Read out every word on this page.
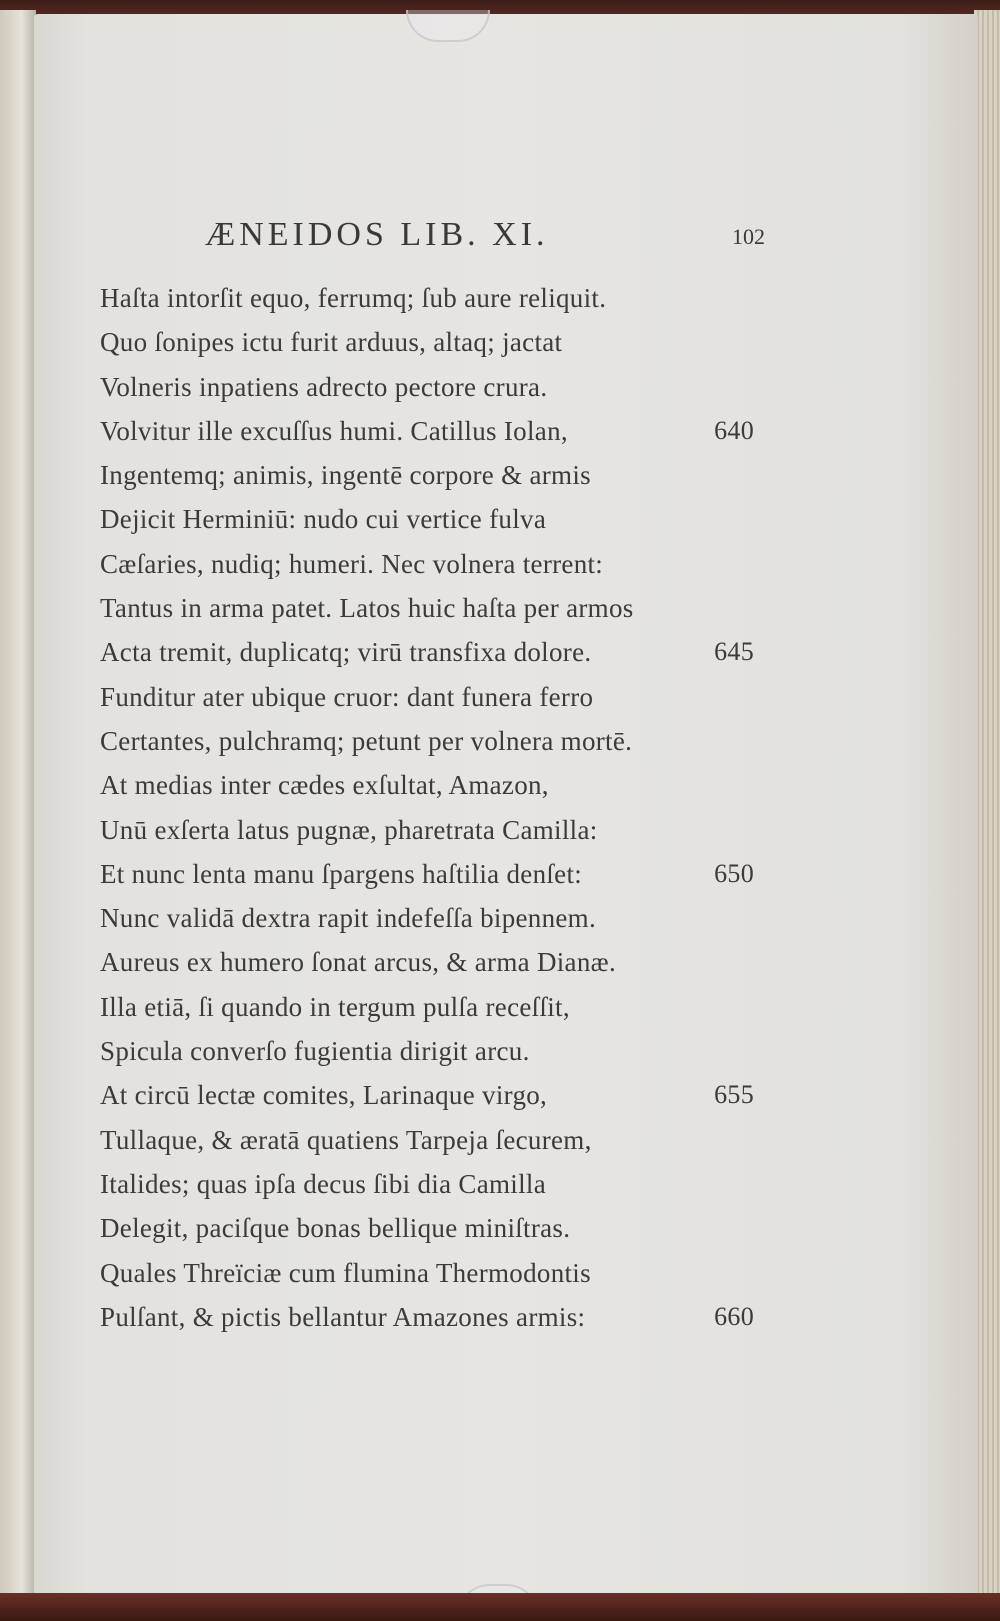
ÆNEIDOS LIB. XI.	102
Haſta intorſit equo, ferrumq; ſub aure reliquit.
Quo ſonipes ictu furit arduus, altaq; jactat
Volneris inpatiens adrecto pectore crura.
Volvitur ille excuſſus humi. Catillus Iolan,	640
Ingentemq; animis, ingentē corpore & armis
Dejicit Herminiū: nudo cui vertice fulva
Cæſaries, nudiq; humeri. Nec volnera terrent:
Tantus in arma patet. Latos huic haſta per armos
Acta tremit, duplicatq; virū transfixa dolore.	645
Funditur ater ubique cruor: dant funera ferro
Certantes, pulchramq; petunt per volnera mortē.
At medias inter cædes exſultat, Amazon,
Unū exſerta latus pugnæ, pharetrata Camilla:
Et nunc lenta manu ſpargens haſtilia denſet:	650
Nunc validā dextra rapit indefeſſa bipennem.
Aureus ex humero ſonat arcus, & arma Dianæ.
Illa etiā, ſi quando in tergum pulſa receſſit,
Spicula converſo fugientia dirigit arcu.
At circū lectæ comites, Larinaque virgo,	655
Tullaque, & æratā quatiens Tarpeja ſecurem,
Italides; quas ipſa decus ſibi dia Camilla
Delegit, paciſque bonas bellique miniſtras.
Quales Threïciæ cum flumina Thermodontis
Pulſant, & pictis bellantur Amazones armis:	660
